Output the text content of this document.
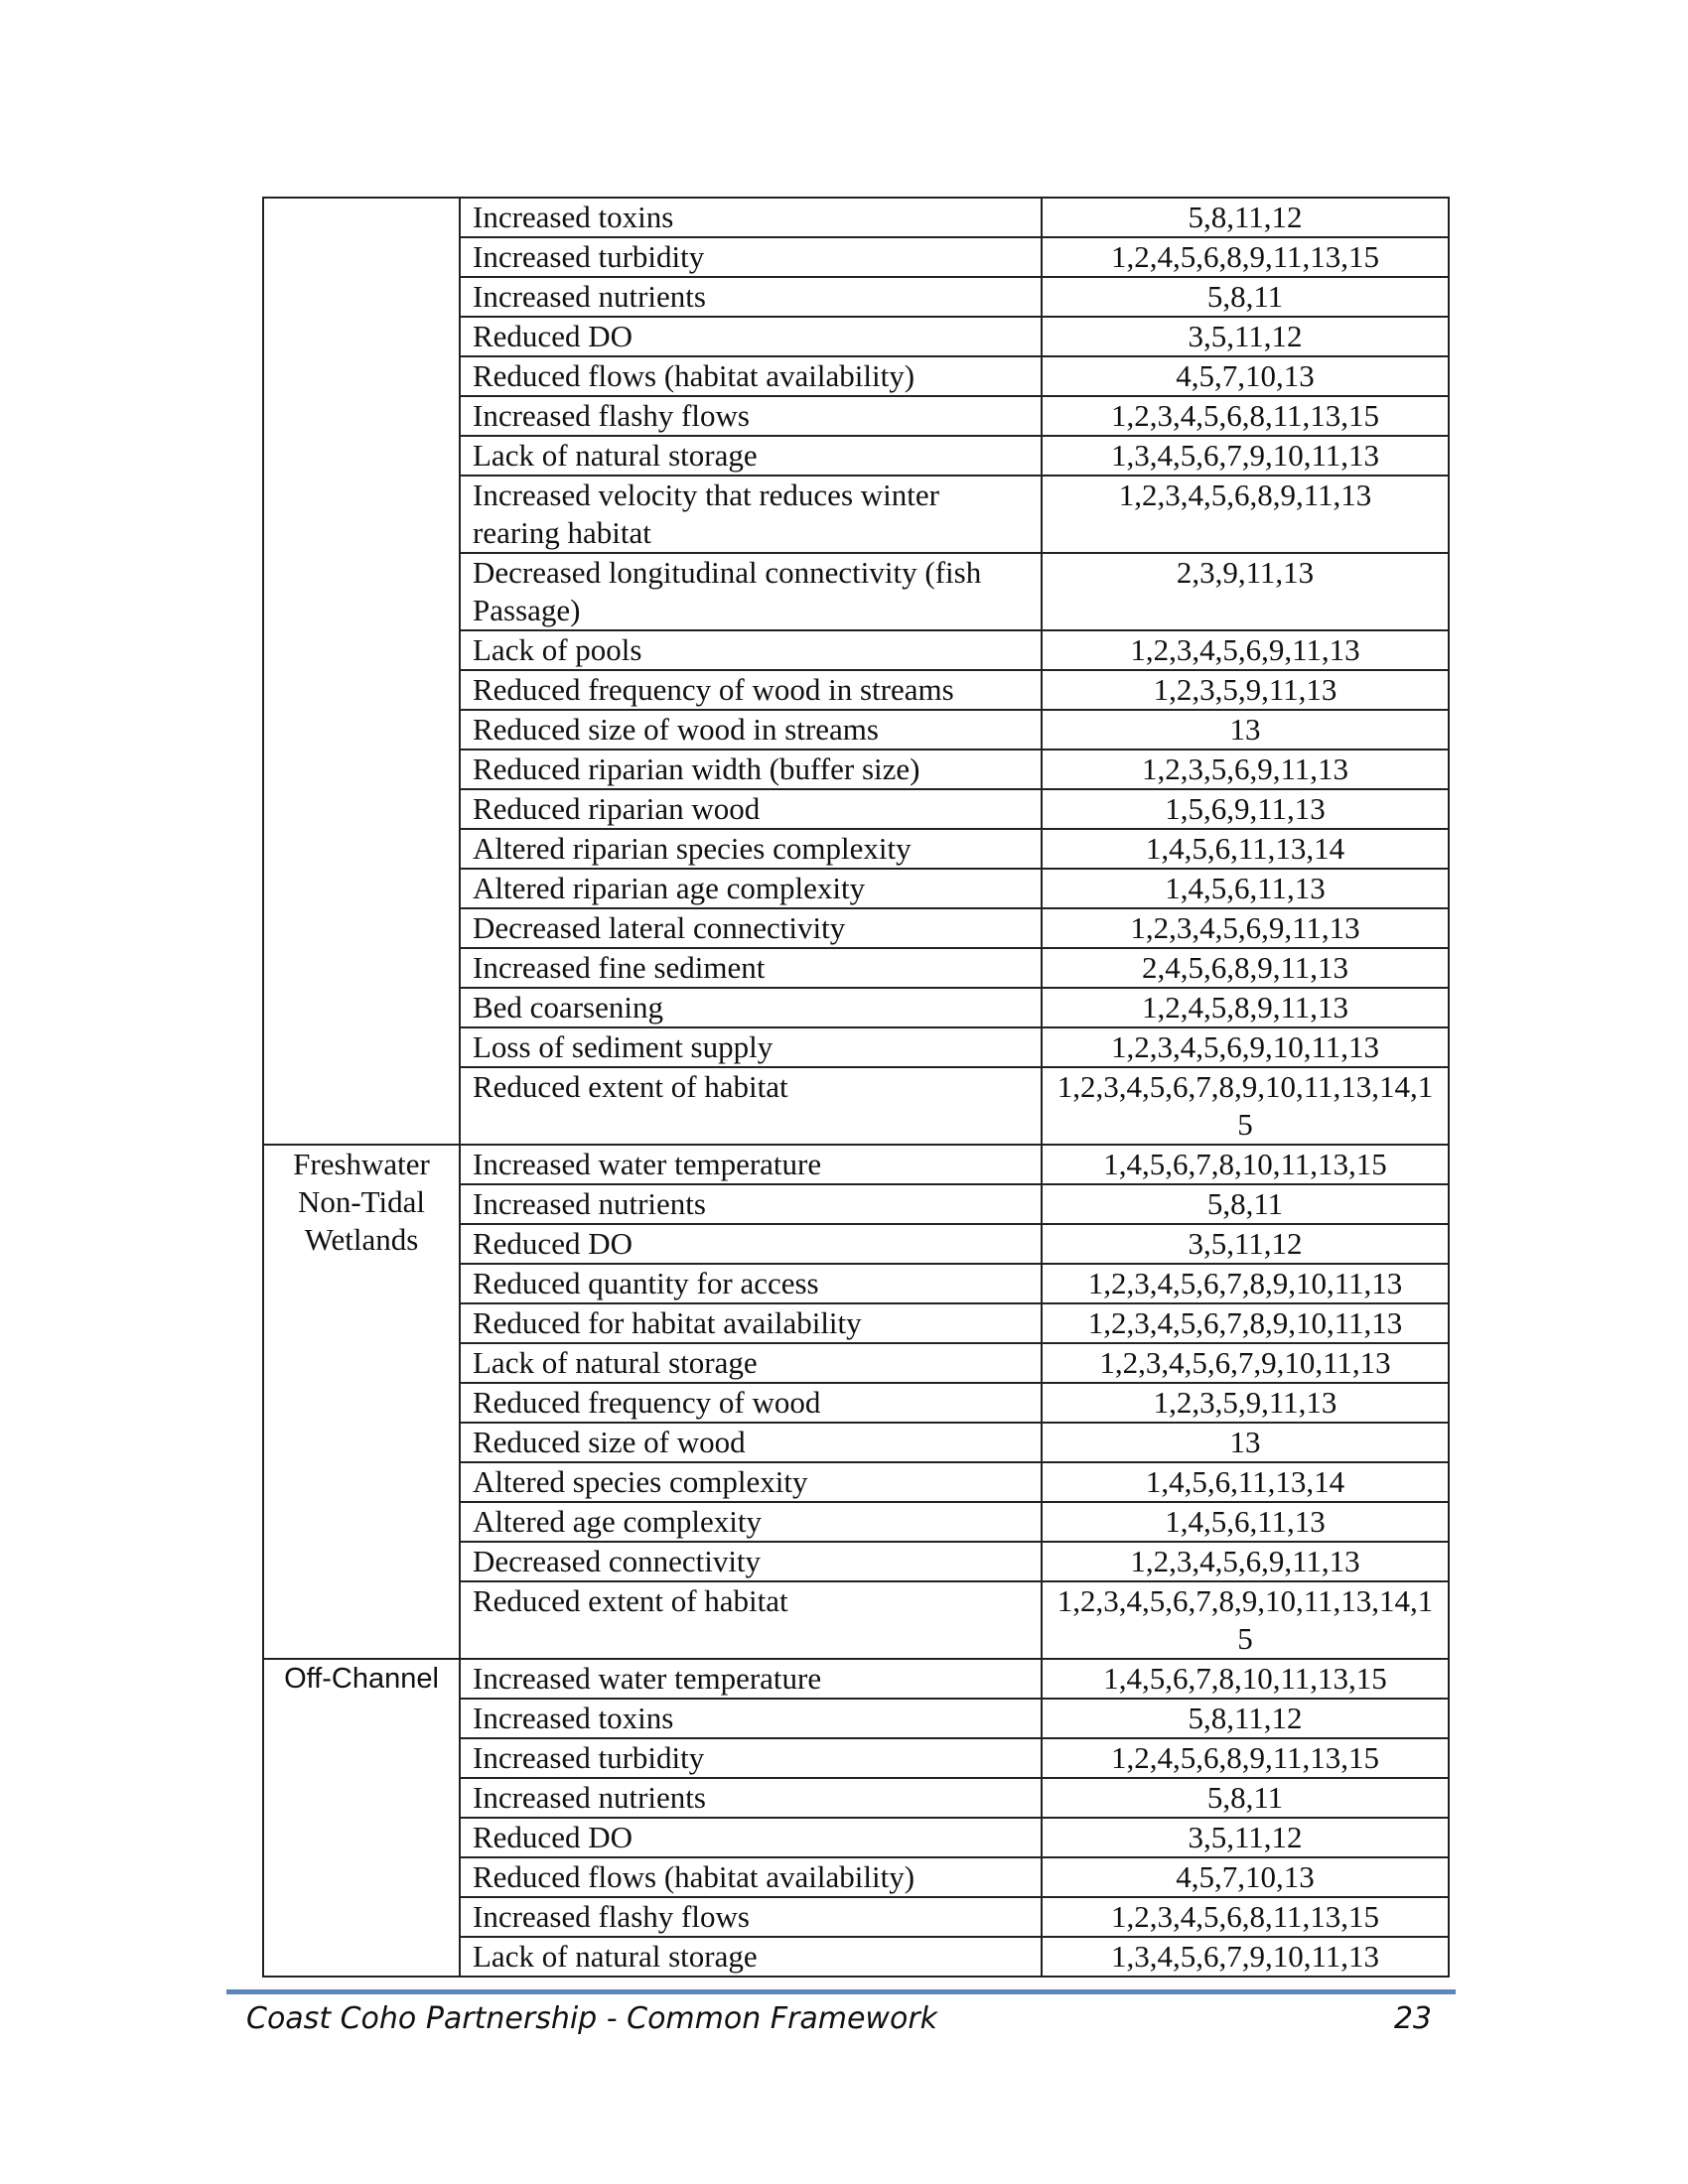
	Increased toxins	5,8,11,12
	Increased turbidity	1,2,4,5,6,8,9,11,13,15
	Increased nutrients	5,8,11
	Reduced DO	3,5,11,12
	Reduced flows (habitat availability)	4,5,7,10,13
	Increased flashy flows	1,2,3,4,5,6,8,11,13,15
	Lack of natural storage	1,3,4,5,6,7,9,10,11,13
	Increased velocity that reduces winter rearing habitat	1,2,3,4,5,6,8,9,11,13
	Decreased longitudinal connectivity (fish Passage)	2,3,9,11,13
	Lack of pools	1,2,3,4,5,6,9,11,13
	Reduced frequency of wood in streams	1,2,3,5,9,11,13
	Reduced size of wood in streams	13
	Reduced riparian width (buffer size)	1,2,3,5,6,9,11,13
	Reduced riparian wood	1,5,6,9,11,13
	Altered riparian species complexity	1,4,5,6,11,13,14
	Altered riparian age complexity	1,4,5,6,11,13
	Decreased lateral connectivity	1,2,3,4,5,6,9,11,13
	Increased fine sediment	2,4,5,6,8,9,11,13
	Bed coarsening	1,2,4,5,8,9,11,13
	Loss of sediment supply	1,2,3,4,5,6,9,10,11,13
	Reduced extent of habitat	1,2,3,4,5,6,7,8,9,10,11,13,14,15

Freshwater
Non-Tidal
Wetlands	Increased water temperature	1,4,5,6,7,8,10,11,13,15
	Increased nutrients	5,8,11
	Reduced DO	3,5,11,12
	Reduced quantity for access	1,2,3,4,5,6,7,8,9,10,11,13
	Reduced for habitat availability	1,2,3,4,5,6,7,8,9,10,11,13
	Lack of natural storage	1,2,3,4,5,6,7,9,10,11,13
	Reduced frequency of wood	1,2,3,5,9,11,13
	Reduced size of wood	13
	Altered species complexity	1,4,5,6,11,13,14
	Altered age complexity	1,4,5,6,11,13
	Decreased connectivity	1,2,3,4,5,6,9,11,13
	Reduced extent of habitat	1,2,3,4,5,6,7,8,9,10,11,13,14,15

Off-Channel	Increased water temperature	1,4,5,6,7,8,10,11,13,15
	Increased toxins	5,8,11,12
	Increased turbidity	1,2,4,5,6,8,9,11,13,15
	Increased nutrients	5,8,11
	Reduced DO	3,5,11,12
	Reduced flows (habitat availability)	4,5,7,10,13
	Increased flashy flows	1,2,3,4,5,6,8,11,13,15
	Lack of natural storage	1,3,4,5,6,7,9,10,11,13
Coast Coho Partnership - Common Framework	23
